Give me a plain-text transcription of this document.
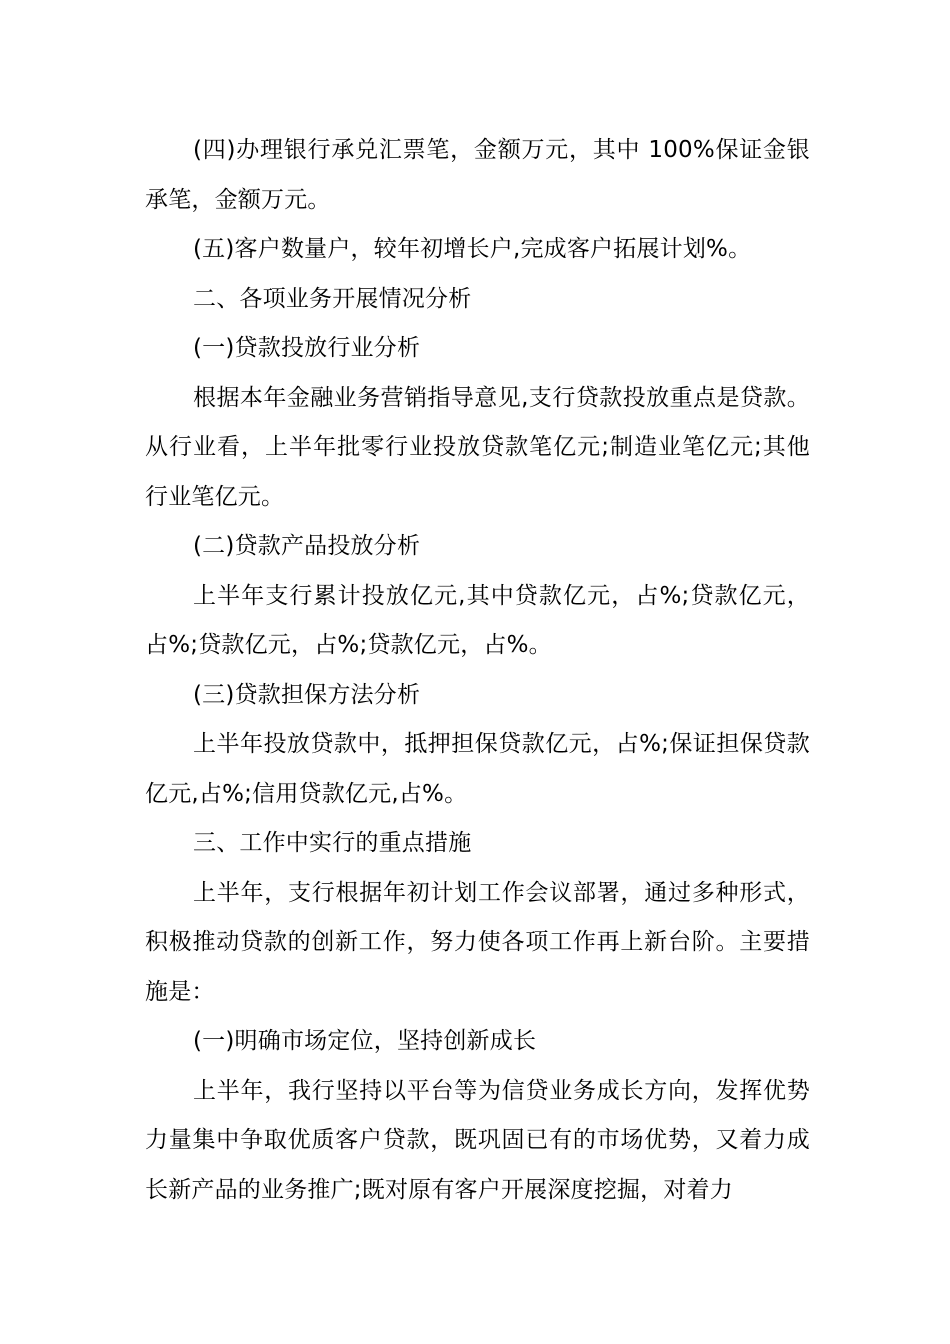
(四)办理银行承兑汇票笔，金额万元，其中 100%保证金银承笔，金额万元。

(五)客户数量户，较年初增长户,完成客户拓展计划%。

二、各项业务开展情况分析

(一)贷款投放行业分析

根据本年金融业务营销指导意见,支行贷款投放重点是贷款。从行业看，上半年批零行业投放贷款笔亿元;制造业笔亿元;其他行业笔亿元。

(二)贷款产品投放分析

上半年支行累计投放亿元,其中贷款亿元，占%;贷款亿元，占%;贷款亿元，占%;贷款亿元，占%。

(三)贷款担保方法分析

上半年投放贷款中，抵押担保贷款亿元，占%;保证担保贷款亿元,占%;信用贷款亿元,占%。

三、工作中实行的重点措施

上半年，支行根据年初计划工作会议部署，通过多种形式，积极推动贷款的创新工作，努力使各项工作再上新台阶。主要措施是：

(一)明确市场定位，坚持创新成长

上半年，我行坚持以平台等为信贷业务成长方向，发挥优势力量集中争取优质客户贷款，既巩固已有的市场优势，又着力成长新产品的业务推广;既对原有客户开展深度挖掘，对着力
